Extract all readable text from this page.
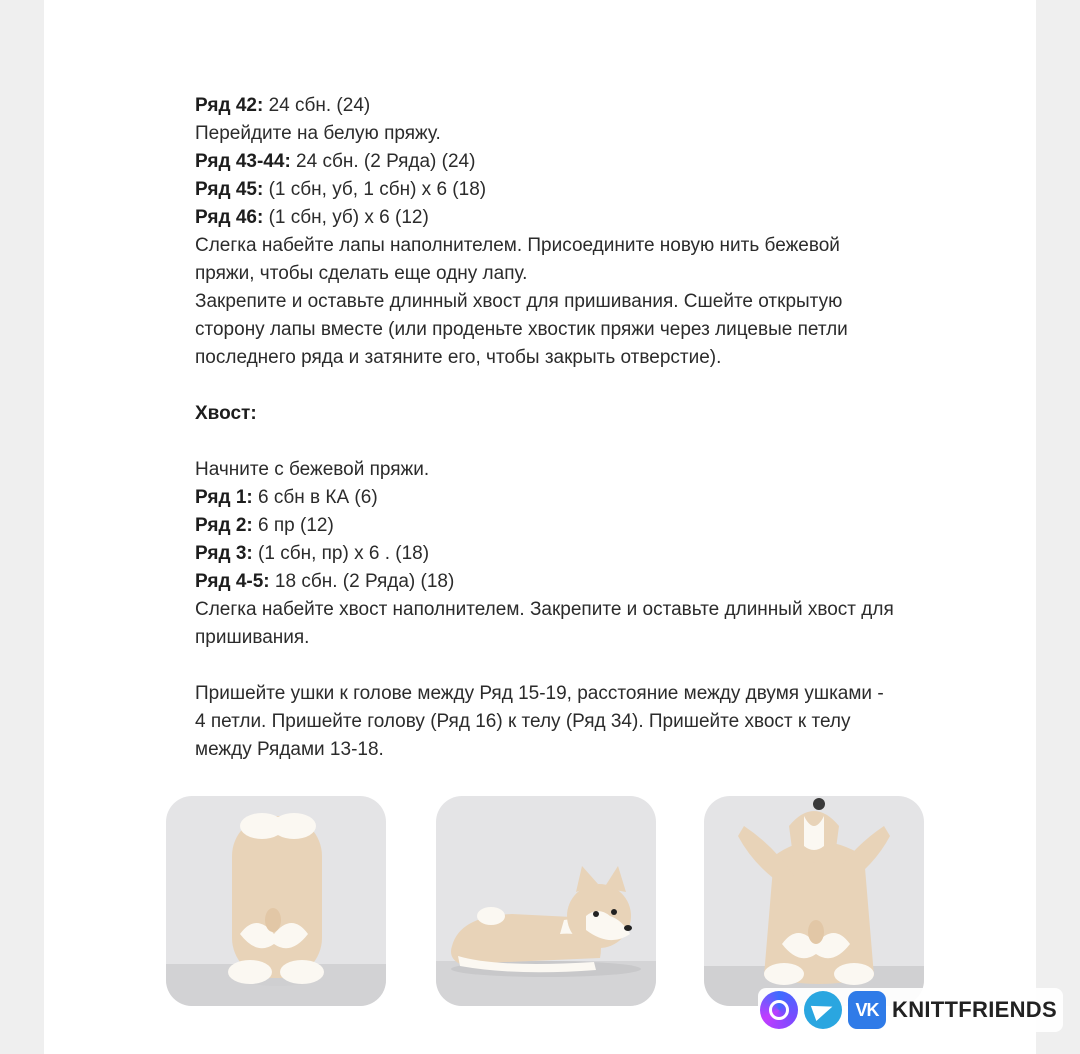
Ряд 42: 24 сбн. (24)

Перейдите на белую пряжу.

Ряд 43-44: 24 сбн. (2 Ряда) (24)

Ряд 45: (1 сбн, уб, 1 сбн) х 6 (18)

Ряд 46: (1 сбн, уб) х 6 (12)

Слегка набейте лапы наполнителем. Присоедините новую нить бежевой

пряжи, чтобы сделать еще одну лапу.

Закрепите и оставьте длинный хвост для пришивания. Сшейте открытую

сторону лапы вместе (или проденьте хвостик пряжи через лицевые петли

последнего ряда и затяните его, чтобы закрыть отверстие).

Хвост:

Начните с бежевой пряжи.

Ряд 1: 6 сбн в КА (6)

Ряд 2: 6 пр (12)

Ряд 3: (1 сбн, пр) х 6 . (18)

Ряд 4-5: 18 сбн. (2 Ряда) (18)

Слегка набейте хвост наполнителем. Закрепите и оставьте длинный хвост для

пришивания.

Пришейте ушки к голове между Ряд 15-19, расстояние между двумя ушками -

4 петли. Пришейте голову (Ряд 16) к телу (Ряд 34). Пришейте хвост к телу

между Рядами 13-18.

VK KNITTFRIENDS
